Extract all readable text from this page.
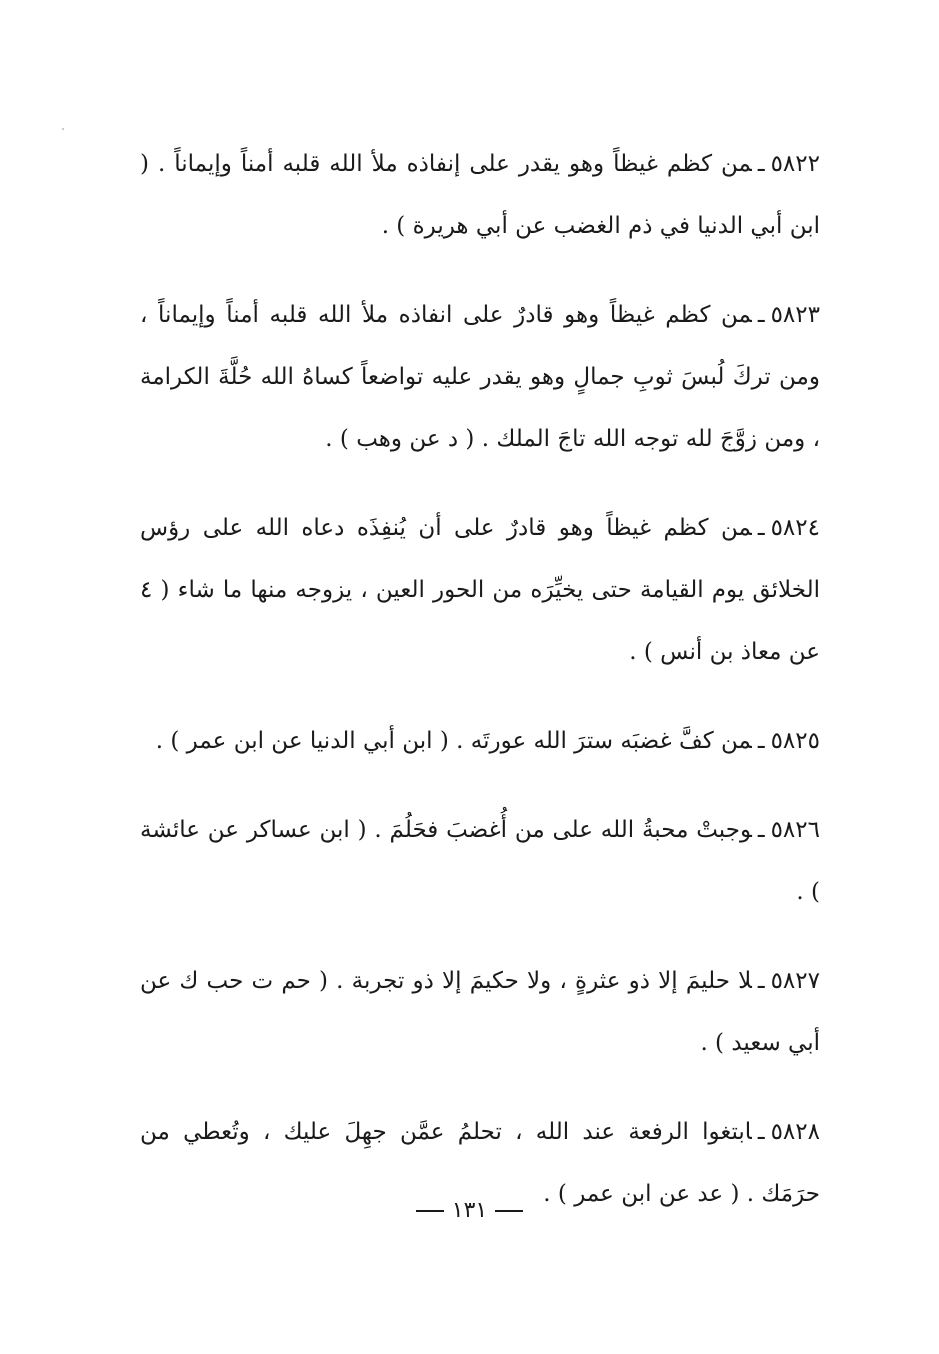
٥٨٢٢ـمن كظم غيظاً وهو يقدر على إنفاذه ملأ الله قلبه أمناً وإيماناً . ( ابن أبي الدنيا في ذم الغضب عن أبي هريرة ) .

٥٨٢٣ـمن كظم غيظاً وهو قادرٌ على انفاذه ملأ الله قلبه أمناً وإيماناً ، ومن تركَ لُبسَ ثوبِ جمالٍ وهو يقدر عليه تواضعاً كساهُ الله حُلَّةَ الكرامة ، ومن زوَّجَ لله توجه الله تاجَ الملك . ( د عن وهب ) .

٥٨٢٤ـمن كظم غيظاً وهو قادرٌ على أن يُنفِذَه دعاه الله على رؤس الخلائق يوم القيامة حتى يخيِّرَه من الحور العين ، يزوجه منها ما شاء ( ٤ عن معاذ بن أنس ) .

٥٨٢٥ـمن كفَّ غضبَه سترَ الله عورتَه . ( ابن أبي الدنيا عن ابن عمر ) .

٥٨٢٦ـوجبتْ محبةُ الله على من أُغضبَ فحَلُمَ . ( ابن عساكر عن عائشة ) .

٥٨٢٧ـلا حليمَ إلا ذو عثرةٍ ، ولا حكيمَ إلا ذو تجربة . ( حم ت حب ك عن أبي سعيد ) .

٥٨٢٨ـابتغوا الرفعة عند الله ، تحلمُ عمَّن جهِلَ عليك ، وتُعطي من حرَمَك . ( عد عن ابن عمر ) .

١٣١
